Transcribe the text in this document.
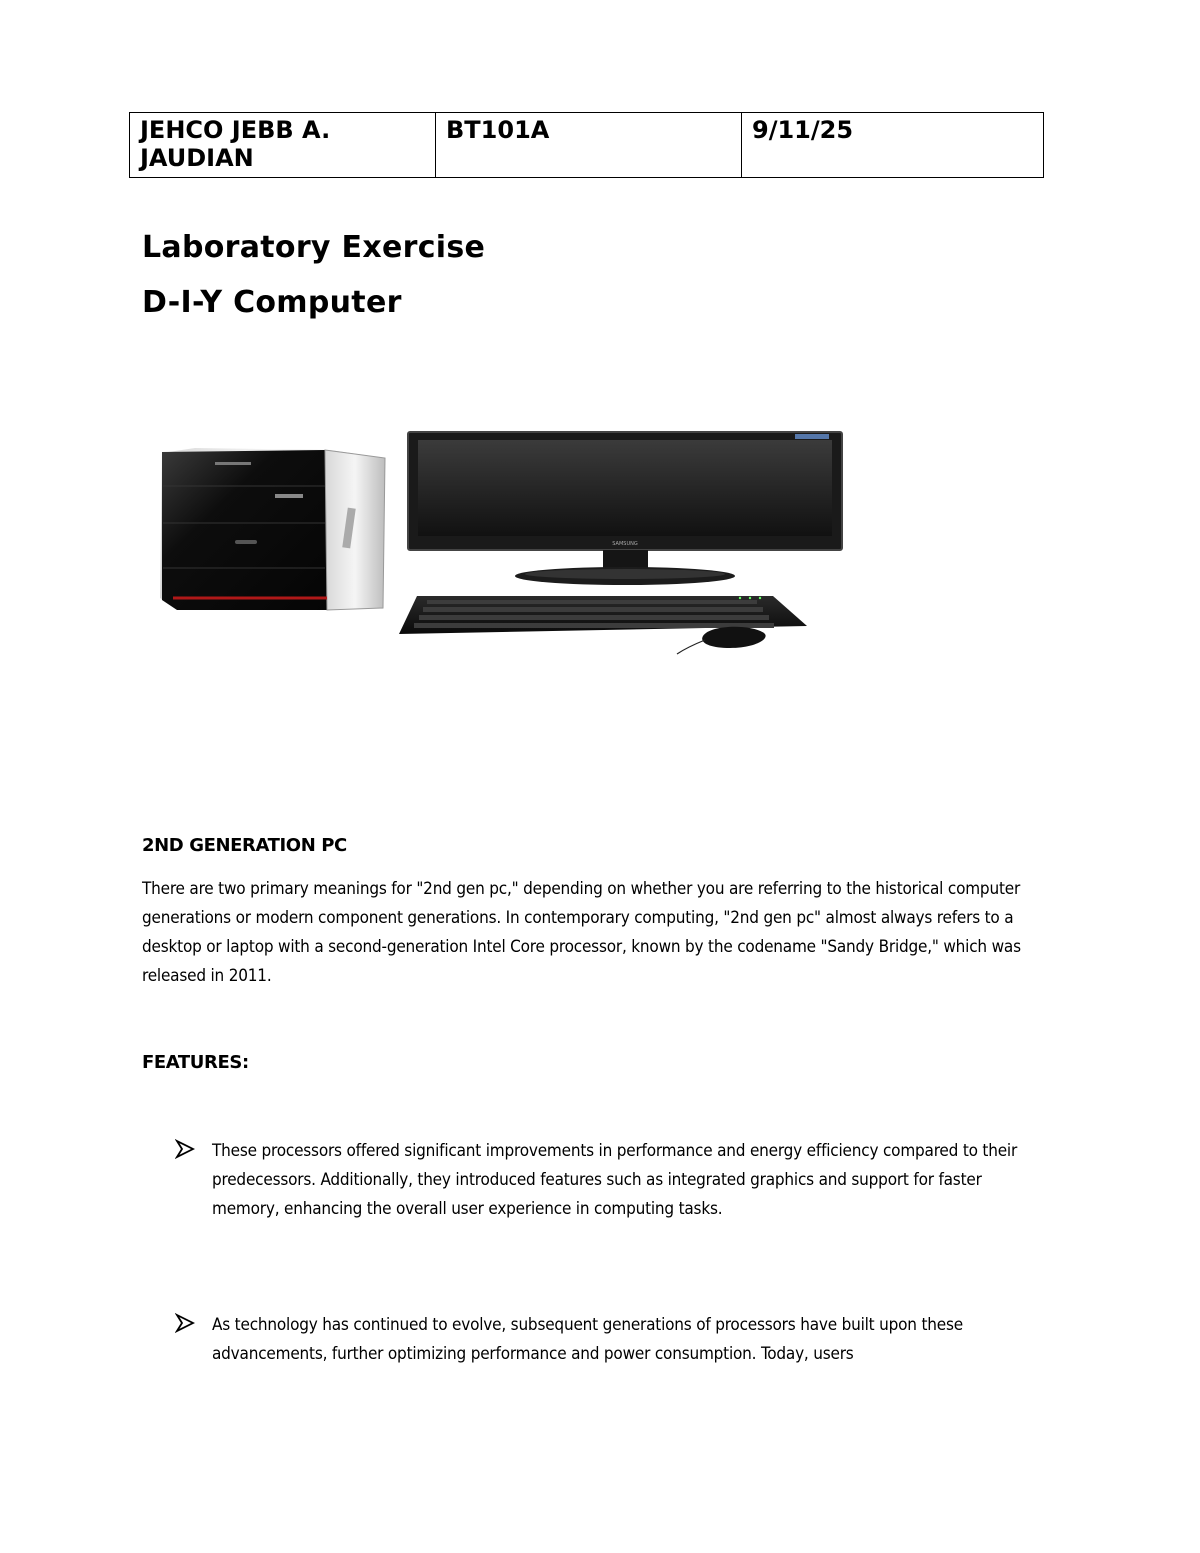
JEHCO JEBB A. JAUDIAN	BT101A	9/11/25
Laboratory Exercise
D-I-Y Computer
SAMSUNG
2ND GENERATION PC
There are two primary meanings for "2nd gen pc," depending on whether you are referring to the historical computer generations or modern component generations. In contemporary computing, "2nd gen pc" almost always refers to a desktop or laptop with a second-generation Intel Core processor, known by the codename "Sandy Bridge," which was released in 2011.
FEATURES:
These processors offered significant improvements in performance and energy efficiency compared to their predecessors. Additionally, they introduced features such as integrated graphics and support for faster memory, enhancing the overall user experience in computing tasks.
As technology has continued to evolve, subsequent generations of processors have built upon these advancements, further optimizing performance and power consumption. Today, users
